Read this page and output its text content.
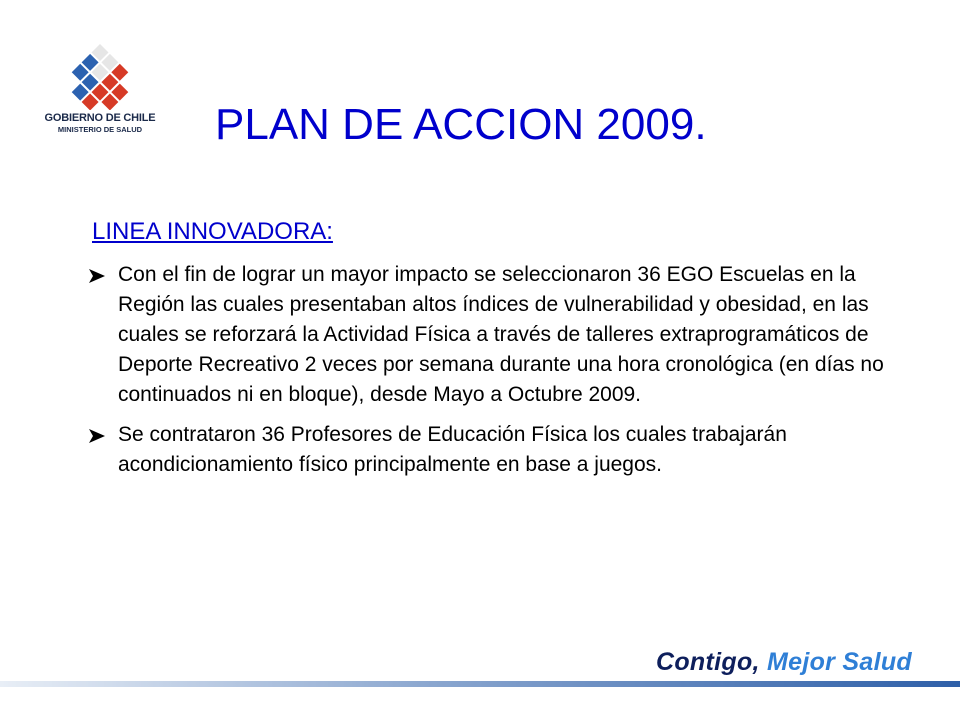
GOBIERNO DE CHILE
MINISTERIO DE SALUD	PLAN DE ACCION 2009.
LINEA INNOVADORA:
Con el fin de lograr un mayor impacto se seleccionaron 36 EGO Escuelas en la Región las cuales presentaban altos índices de vulnerabilidad y obesidad, en las cuales se reforzará la Actividad Física a través de talleres extraprogramáticos de Deporte Recreativo 2 veces por semana durante una hora cronológica (en días no continuados ni en bloque), desde Mayo a Octubre 2009.
Se contrataron 36 Profesores de Educación Física los cuales trabajarán acondicionamiento físico principalmente en base a juegos.
Contigo, Mejor Salud
